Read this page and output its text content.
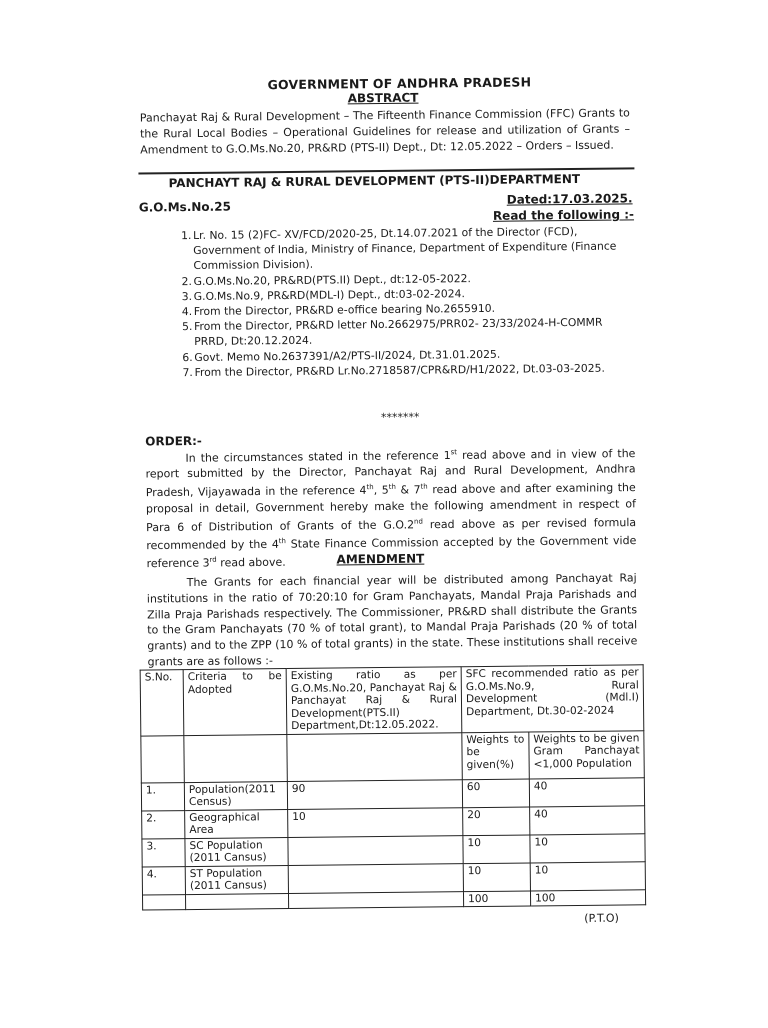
GOVERNMENT OF ANDHRA PRADESH
ABSTRACT
Panchayat Raj & Rural Development – The Fifteenth Finance Commission (FFC) Grants to the Rural Local Bodies – Operational Guidelines for release and utilization of Grants – Amendment to G.O.Ms.No.20, PR&RD (PTS-II) Dept., Dt: 12.05.2022 – Orders – Issued.
PANCHAYT RAJ & RURAL DEVELOPMENT (PTS-II)DEPARTMENT
G.O.Ms.No.25
Dated:17.03.2025.
Read the following :-
1. Lr. No. 15 (2)FC- XV/FCD/2020-25, Dt.14.07.2021 of the Director (FCD), Government of India, Ministry of Finance, Department of Expenditure (Finance Commission Division).
2. G.O.Ms.No.20, PR&RD(PTS.II) Dept., dt:12-05-2022.
3. G.O.Ms.No.9, PR&RD(MDL-I) Dept., dt:03-02-2024.
4. From the Director, PR&RD e-office bearing No.2655910.
5. From the Director, PR&RD letter No.2662975/PRR02- 23/33/2024-H-COMMR PRRD, Dt:20.12.2024.
6. Govt. Memo No.2637391/A2/PTS-II/2024, Dt.31.01.2025.
7. From the Director, PR&RD Lr.No.2718587/CPR&RD/H1/2022, Dt.03-03-2025.
*******
ORDER:-
In the circumstances stated in the reference 1st read above and in view of the report submitted by the Director, Panchayat Raj and Rural Development, Andhra Pradesh, Vijayawada in the reference 4th, 5th & 7th read above and after examining the proposal in detail, Government hereby make the following amendment in respect of Para 6 of Distribution of Grants of the G.O.2nd read above as per revised formula recommended by the 4th State Finance Commission accepted by the Government vide reference 3rd read above.	AMENDMENT
The Grants for each financial year will be distributed among Panchayat Raj institutions in the ratio of 70:20:10 for Gram Panchayats, Mandal Praja Parishads and Zilla Praja Parishads respectively. The Commissioner, PR&RD shall distribute the Grants to the Gram Panchayats (70 % of total grant), to Mandal Praja Parishads (20 % of total grants) and to the ZPP (10 % of total grants) in the state. These institutions shall receive grants are as follows :-
S.No.	Criteria to be Adopted	Existing ratio as per G.O.Ms.No.20, Panchayat Raj & Panchayat Raj & Rural Development(PTS.II) Department,Dt:12.05.2022.	SFC recommended ratio as per G.O.Ms.No.9, Rural Development (Mdl.I) Department, Dt.30-02-2024	
			Weights to be given(%)	Weights to be given Gram Panchayat <1,000 Population
1.	Population(2011 Census)	90	60	40
2.	Geographical Area	10	20	40
3.	SC Population (2011 Cansus)		10	10
4.	ST Population (2011 Cansus)		10	10
			100	100
(P.T.O)
